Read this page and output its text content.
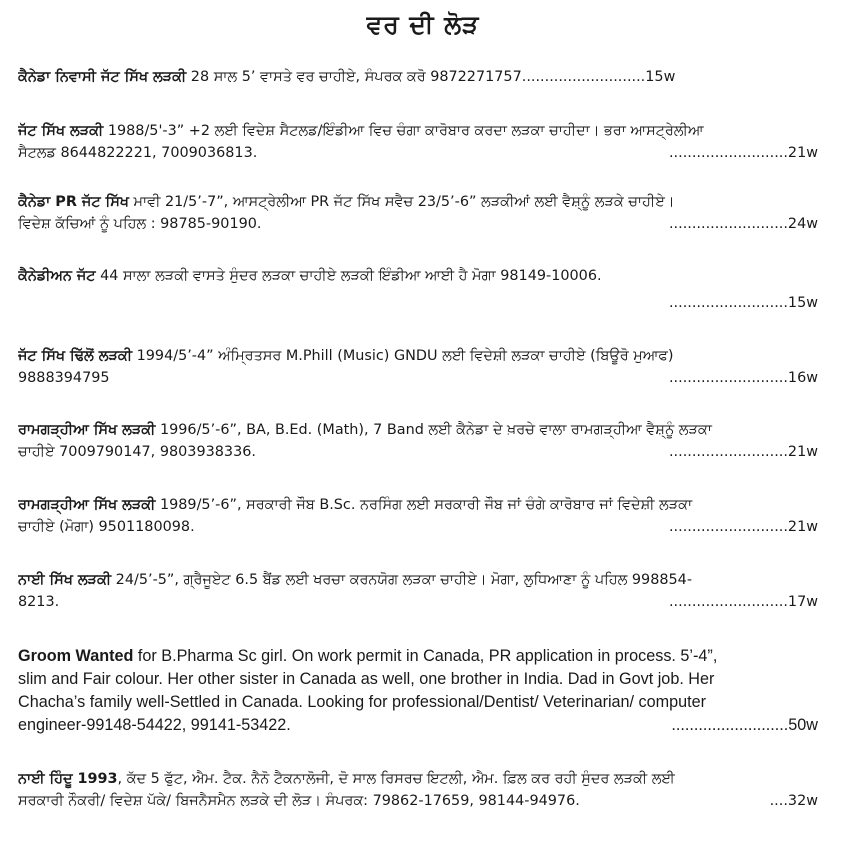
ਵਰ ਦੀ ਲੋੜ
ਕੈਨੇਡਾ ਨਿਵਾਸੀ ਜੱਟ ਸਿੱਖ ਲੜਕੀ 28 ਸਾਲ 5’ ਵਾਸਤੇ ਵਰ ਚਾਹੀਏ, ਸੰਪਰਕ ਕਰੋ 9872271757...........................15w
ਜੱਟ ਸਿੱਖ ਲੜਕੀ 1988/5'-3” +2 ਲਈ ਵਿਦੇਸ਼ ਸੈਟਲਡ/ਇੰਡੀਆ ਵਿਚ ਚੰਗਾ ਕਾਰੋਬਾਰ ਕਰਦਾ ਲੜਕਾ ਚਾਹੀਦਾ। ਭਰਾ ਆਸਟ੍ਰੇਲੀਆ
ਸੈਟਲਡ 8644822221, 7009036813.	..........................21w
ਕੈਨੇਡਾ PR ਜੱਟ ਸਿੱਖ ਮਾਵੀ 21/5’-7”, ਆਸਟ੍ਰੇਲੀਆ PR ਜੱਟ ਸਿੱਖ ਸਵੈਚ 23/5’-6” ਲੜਕੀਆਂ ਲਈ ਵੈਸ਼੍ਨੂੰ ਲੜਕੇ ਚਾਹੀਏ।
ਵਿਦੇਸ਼ ਕੱਚਿਆਂ ਨੂੰ ਪਹਿਲ : 98785-90190.	..........................24w
ਕੈਨੇਡੀਅਨ ਜੱਟ 44 ਸਾਲਾ ਲੜਕੀ ਵਾਸਤੇ ਸੁੰਦਰ ਲੜਕਾ ਚਾਹੀਏ ਲੜਕੀ ਇੰਡੀਆ ਆਈ ਹੈ ਮੋਗਾ 98149-10006.
..........................15w
ਜੱਟ ਸਿੱਖ ਢਿੱਲੋਂ ਲੜਕੀ 1994/5’-4” ਅੰਮ੍ਰਿਤਸਰ M.Phill (Music) GNDU ਲਈ ਵਿਦੇਸ਼ੀ ਲੜਕਾ ਚਾਹੀਏ (ਬਿਊਰੋ ਮੁਆਫ)
9888394795	..........................16w
ਰਾਮਗੜ੍ਹੀਆ ਸਿੱਖ ਲੜਕੀ 1996/5’-6”, BA, B.Ed. (Math), 7 Band ਲਈ ਕੈਨੇਡਾ ਦੇ ਖ਼ਰਚੇ ਵਾਲਾ ਰਾਮਗੜ੍ਹੀਆ ਵੈਸ਼੍ਨੂੰ ਲੜਕਾ
ਚਾਹੀਏ 7009790147, 9803938336.	..........................21w
ਰਾਮਗੜ੍ਹੀਆ ਸਿੱਖ ਲੜਕੀ 1989/5’-6”, ਸਰਕਾਰੀ ਜੌਬ B.Sc. ਨਰਸਿੰਗ ਲਈ ਸਰਕਾਰੀ ਜੌਬ ਜਾਂ ਚੰਗੇ ਕਾਰੋਬਾਰ ਜਾਂ ਵਿਦੇਸ਼ੀ ਲੜਕਾ
ਚਾਹੀਏ (ਮੋਗਾ) 9501180098.	..........................21w
ਨਾਈ ਸਿੱਖ ਲੜਕੀ 24/5’-5”, ਗ੍ਰੈਜੂਏਟ 6.5 ਬੈਂਡ ਲਈ ਖਰਚਾ ਕਰਨਯੋਗ ਲੜਕਾ ਚਾਹੀਏ। ਮੋਗਾ, ਲੁਧਿਆਣਾ ਨੂੰ ਪਹਿਲ 998854-
8213.	..........................17w
Groom Wanted for B.Pharma Sc girl. On work permit in Canada, PR application in process. 5’-4”,
slim and Fair colour. Her other sister in Canada as well, one brother in India. Dad in Govt job. Her
Chacha’s family well-Settled in Canada. Looking for professional/Dentist/ Veterinarian/ computer
engineer-99148-54422, 99141-53422.	..........................50w
ਨਾਈ ਹਿੰਦੂ 1993, ਕੱਦ 5 ਫੁੱਟ, ਐਮ. ਟੈਕ. ਨੈਨੋ ਟੈਕਨਾਲੋਜੀ, ਦੋ ਸਾਲ ਰਿਸਰਚ ਇਟਲੀ, ਐਮ. ਫ਼ਿਲ ਕਰ ਰਹੀ ਸੁੰਦਰ ਲੜਕੀ ਲਈ
ਸਰਕਾਰੀ ਨੌਕਰੀ/ ਵਿਦੇਸ਼ ਪੱਕੇ/ ਬਿਜਨੈਸਮੈਨ ਲੜਕੇ ਦੀ ਲੋੜ। ਸੰਪਰਕ: 79862-17659, 98144-94976.	....32w
